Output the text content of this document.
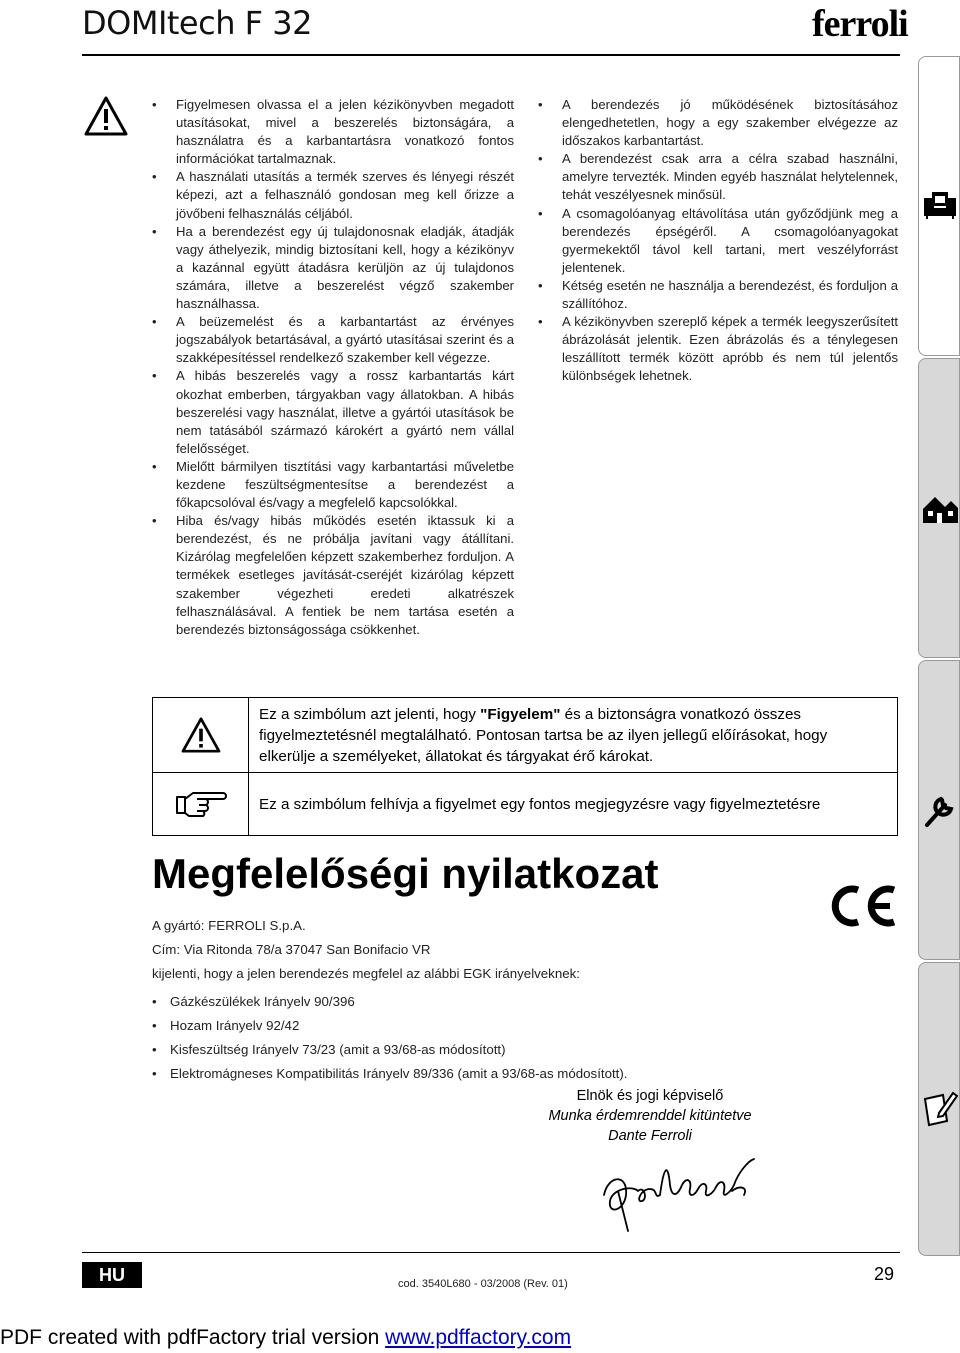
DOMItech F 32	ferroli
• Figyelmesen olvassa el a jelen kézikönyvben megadott utasításokat, mivel a beszerelés biztonságára, a használatra és a karbantartásra vonatkozó fontos információkat tartalmaznak.
• A használati utasítás a termék szerves és lényegi részét képezi, azt a felhasználó gondosan meg kell őrizze a jövőbeni felhasználás céljából.
• Ha a berendezést egy új tulajdonosnak eladják, átadják vagy áthelyezik, mindig biztosítani kell, hogy a kézikönyv a kazánnal együtt átadásra kerüljön az új tulajdonos számára, illetve a beszerelést végző szakember használhassa.
• A beüzemelést és a karbantartást az érvényes jogszabályok betartásával, a gyártó utasításai szerint és a szakképesítéssel rendelkező szakember kell végezze.
• A hibás beszerelés vagy a rossz karbantartás kárt okozhat emberben, tárgyakban vagy állatokban. A hibás beszerelési vagy használat, illetve a gyártói utasítások be nem tatásából származó károkért a gyártó nem vállal felelősséget.
• Mielőtt bármilyen tisztítási vagy karbantartási műveletbe kezdene feszültségmentesítse a berendezést a főkapcsolóval és/vagy a megfelelő kapcsolókkal.
• Hiba és/vagy hibás működés esetén iktassuk ki a berendezést, és ne próbálja javítani vagy átállítani. Kizárólag megfelelően képzett szakemberhez forduljon. A termékek esetleges javítását-cseréjét kizárólag képzett szakember végezheti eredeti alkatrészek felhasználásával. A fentiek be nem tartása esetén a berendezés biztonságossága csökkenhet.
• A berendezés jó működésének biztosításához elengedhetetlen, hogy a egy szakember elvégezze az időszakos karbantartást.
• A berendezést csak arra a célra szabad használni, amelyre tervezték. Minden egyéb használat helytelennek, tehát veszélyesnek minősül.
• A csomagolóanyag eltávolítása után győződjünk meg a berendezés épségéről. A csomagolóanyagokat gyermekektől távol kell tartani, mert veszélyforrást jelentenek.
• Kétség esetén ne használja a berendezést, és forduljon a szállítóhoz.
• A kézikönyvben szereplő képek a termék leegyszerűsített ábrázolását jelentik. Ezen ábrázolás és a ténylegesen leszállított termék között apróbb és nem túl jelentős különbségek lehetnek.
	Ez a szimbólum azt jelenti, hogy "Figyelem" és a biztonságra vonatkozó összes figyelmeztetésnél megtalálható. Pontosan tartsa be az ilyen jellegű előírásokat, hogy elkerülje a személyeket, állatokat és tárgyakat érő károkat.

	Ez a szimbólum felhívja a figyelmet egy fontos megjegyzésre vagy figyelmeztetésre
Megfelelőségi nyilatkozat	CE
A gyártó: FERROLI S.p.A.
Cím: Via Ritonda 78/a 37047 San Bonifacio VR
kijelenti, hogy a jelen berendezés megfelel az alábbi EGK irányelveknek:
• Gázkészülékek Irányelv 90/396
• Hozam Irányelv 92/42
• Kisfeszültség Irányelv 73/23 (amit a 93/68-as módosított)
• Elektromágneses Kompatibilitás Irányelv 89/336 (amit a 93/68-as módosított).
Elnök és jogi képviselő
Munka érdemrenddel kitüntetve
Dante Ferroli
HU	cod. 3540L680 - 03/2008 (Rev. 01)	29
PDF created with pdfFactory trial version www.pdffactory.com
